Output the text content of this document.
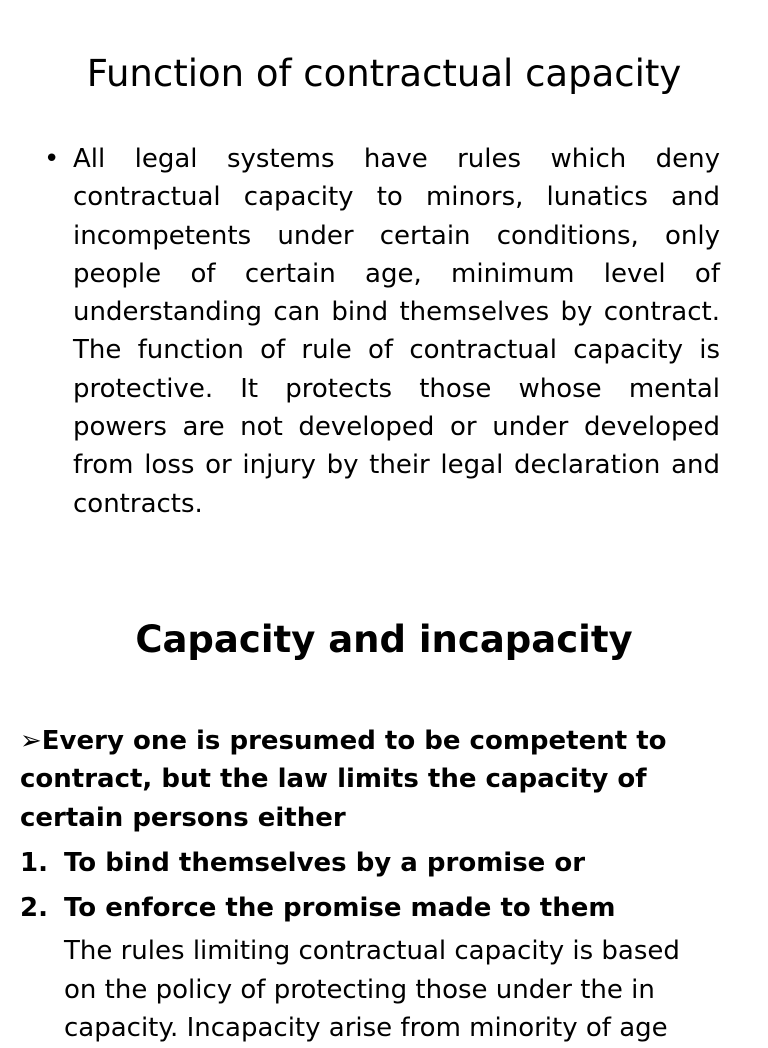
Function of contractual capacity
• All legal systems have rules which deny contractual capacity to minors, lunatics and incompetents under certain conditions, only people of certain age, minimum level of understanding can bind themselves by contract. The function of rule of contractual capacity is protective. It protects those whose mental powers are not developed or under developed from loss or injury by their legal declaration and contracts.
Capacity and incapacity
➢Every one is presumed to be competent to contract, but the law limits the capacity of certain persons either
1. To bind themselves by a promise or
2. To enforce the promise made to them
The rules limiting contractual capacity is based on the policy of protecting those under the in capacity. Incapacity arise from minority of age
